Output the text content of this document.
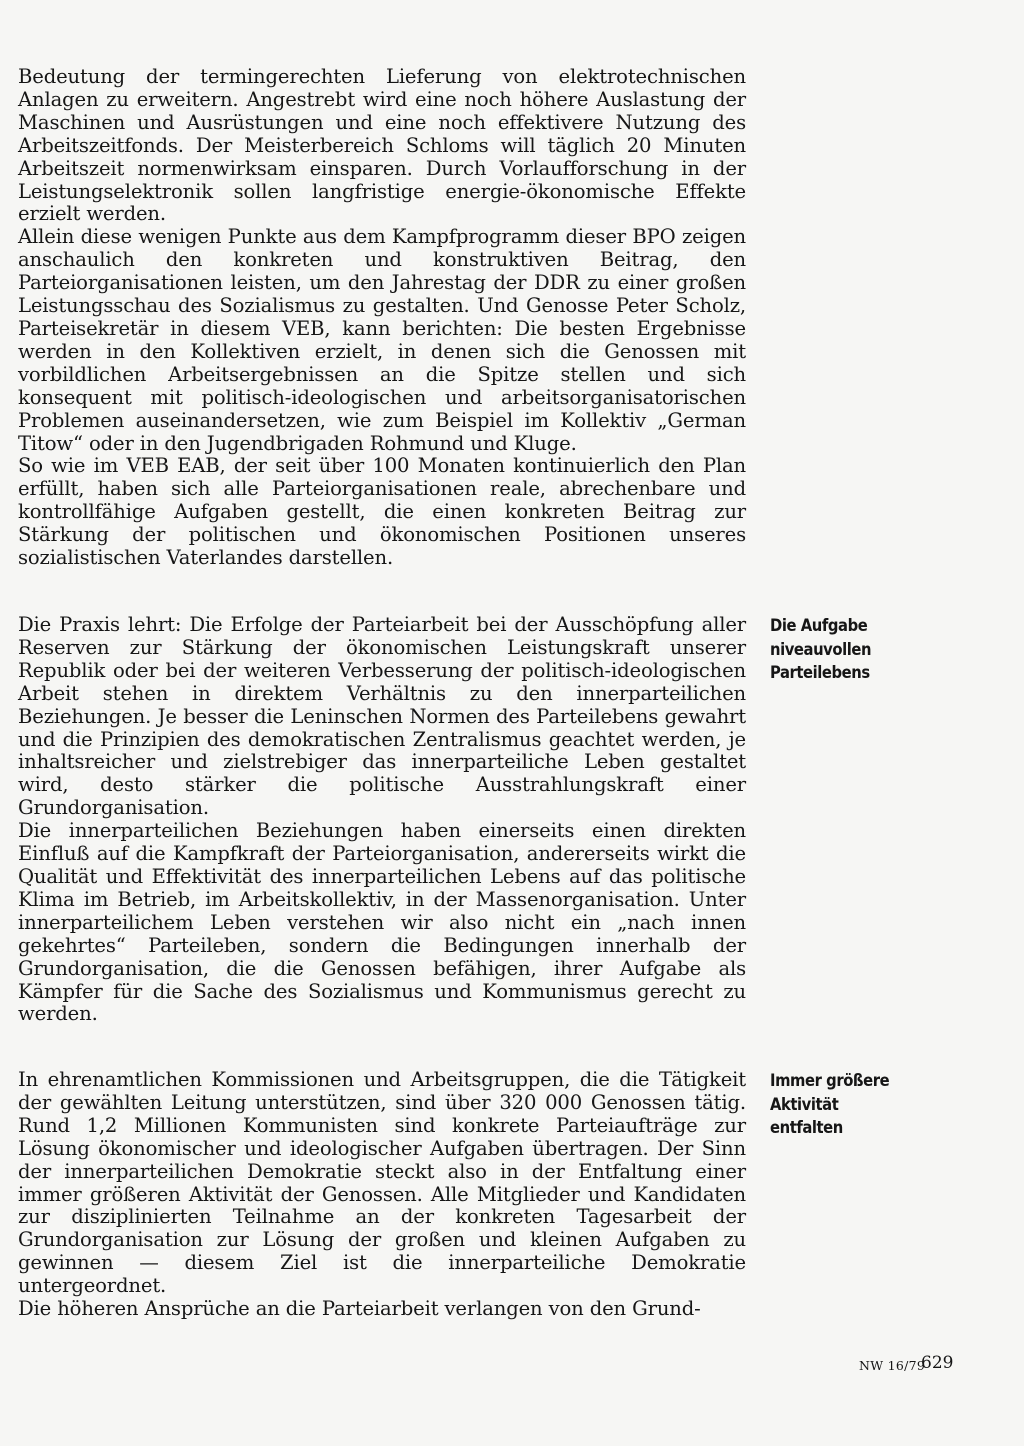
Bedeutung der termingerechten Lieferung von elektrotechnischen Anlagen zu erweitern. Angestrebt wird eine noch höhere Auslastung der Maschinen und Ausrüstungen und eine noch effektivere Nutzung des Arbeitszeitfonds. Der Meisterbereich Schloms will täglich 20 Minuten Arbeitszeit normenwirksam einsparen. Durch Vorlaufforschung in der Leistungselektronik sollen langfristige energie-ökonomische Effekte erzielt werden.

Allein diese wenigen Punkte aus dem Kampfprogramm dieser BPO zeigen anschaulich den konkreten und konstruktiven Beitrag, den Parteiorganisationen leisten, um den Jahrestag der DDR zu einer großen Leistungsschau des Sozialismus zu gestalten. Und Genosse Peter Scholz, Parteisekretär in diesem VEB, kann berichten: Die besten Ergebnisse werden in den Kollektiven erzielt, in denen sich die Genossen mit vorbildlichen Arbeitsergebnissen an die Spitze stellen und sich konsequent mit politisch-ideologischen und arbeitsorganisatorischen Problemen auseinandersetzen, wie zum Beispiel im Kollektiv „German Titow“ oder in den Jugendbrigaden Rohmund und Kluge.

So wie im VEB EAB, der seit über 100 Monaten kontinuierlich den Plan erfüllt, haben sich alle Parteiorganisationen reale, abrechenbare und kontrollfähige Aufgaben gestellt, die einen konkreten Beitrag zur Stärkung der politischen und ökonomischen Positionen unseres sozialistischen Vaterlandes darstellen.

Die Praxis lehrt: Die Erfolge der Parteiarbeit bei der Ausschöpfung aller Reserven zur Stärkung der ökonomischen Leistungskraft unserer Republik oder bei der weiteren Verbesserung der politisch-ideologischen Arbeit stehen in direktem Verhältnis zu den innerparteilichen Beziehungen. Je besser die Leninschen Normen des Parteilebens gewahrt und die Prinzipien des demokratischen Zentralismus geachtet werden, je inhaltsreicher und zielstrebiger das innerparteiliche Leben gestaltet wird, desto stärker die politische Ausstrahlungskraft einer Grundorganisation.

Die innerparteilichen Beziehungen haben einerseits einen direkten Einfluß auf die Kampfkraft der Parteiorganisation, andererseits wirkt die Qualität und Effektivität des innerparteilichen Lebens auf das politische Klima im Betrieb, im Arbeitskollektiv, in der Massenorganisation. Unter innerparteilichem Leben verstehen wir also nicht ein „nach innen gekehrtes“ Parteileben, sondern die Bedingungen innerhalb der Grundorganisation, die die Genossen befähigen, ihrer Aufgabe als Kämpfer für die Sache des Sozialismus und Kommunismus gerecht zu werden.

In ehrenamtlichen Kommissionen und Arbeitsgruppen, die die Tätigkeit der gewählten Leitung unterstützen, sind über 320 000 Genossen tätig. Rund 1,2 Millionen Kommunisten sind konkrete Parteiaufträge zur Lösung ökonomischer und ideologischer Aufgaben übertragen. Der Sinn der innerparteilichen Demokratie steckt also in der Entfaltung einer immer größeren Aktivität der Genossen. Alle Mitglieder und Kandidaten zur disziplinierten Teilnahme an der konkreten Tagesarbeit der Grundorganisation zur Lösung der großen und kleinen Aufgaben zu gewinnen — diesem Ziel ist die innerparteiliche Demokratie untergeordnet.

Die höheren Ansprüche an die Parteiarbeit verlangen von den Grund-

Die Aufgabe
niveauvollen
Parteilebens
Immer größere
Aktivität
entfalten
NW 16/79
629
